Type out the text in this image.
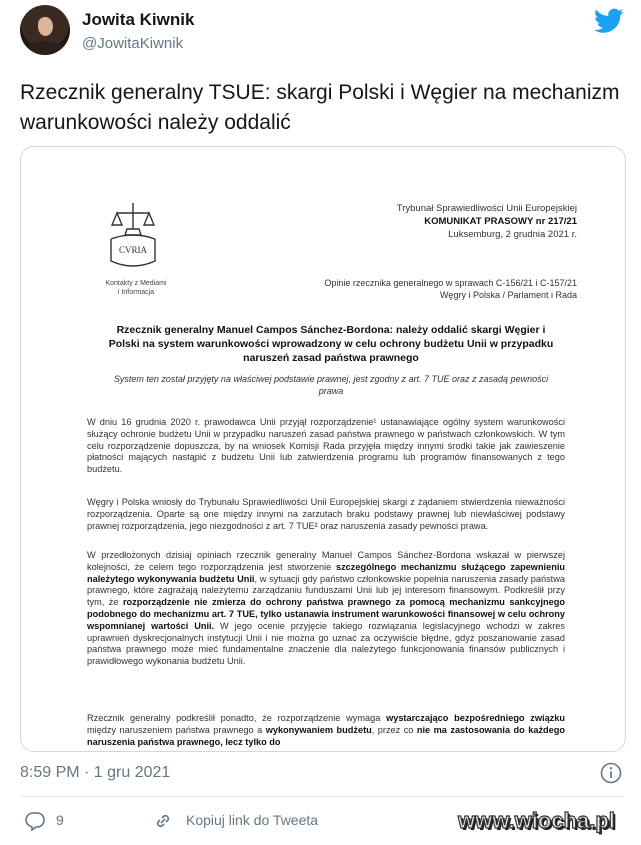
Jowita Kiwnik
@JowitaKiwnik
Rzecznik generalny TSUE: skargi Polski i Węgier na mechanizm warunkowości należy oddalić
CVRIA
Kontakty z Mediami
i Informacja
Trybunał Sprawiedliwości Unii Europejskiej
KOMUNIKAT PRASOWY nr 217/21
Luksemburg, 2 grudnia 2021 r.
Opinie rzecznika generalnego w sprawach C-156/21 i C-157/21
Węgry i Polska / Parlament i Rada
Rzecznik generalny Manuel Campos Sánchez-Bordona: należy oddalić skargi Węgier i Polski na system warunkowości wprowadzony w celu ochrony budżetu Unii w przypadku naruszeń zasad państwa prawnego
System ten został przyjęty na właściwej podstawie prawnej, jest zgodny z art. 7 TUE oraz z zasadą pewności prawa
W dniu 16 grudnia 2020 r. prawodawca Unii przyjął rozporządzenie¹ ustanawiające ogólny system warunkowości służący ochronie budżetu Unii w przypadku naruszeń zasad państwa prawnego w państwach członkowskich. W tym celu rozporządzenie dopuszcza, by na wniosek Komisji Rada przyjęła między innymi środki takie jak zawieszenie płatności mających nastąpić z budżetu Unii lub zatwierdzenia programu lub programów finansowanych z tego budżetu.
Węgry i Polska wniosły do Trybunału Sprawiedliwości Unii Europejskiej skargi z żądaniem stwierdzenia nieważności rozporządzenia. Oparte są one między innymi na zarzutach braku podstawy prawnej lub niewłaściwej podstawy prawnej rozporządzenia, jego niezgodności z art. 7 TUE² oraz naruszenia zasady pewności prawa.
W przedłożonych dzisiaj opiniach rzecznik generalny Manuel Campos Sánchez-Bordona wskazał w pierwszej kolejności, że celem tego rozporządzenia jest stworzenie szczególnego mechanizmu służącego zapewnieniu należytego wykonywania budżetu Unii, w sytuacji gdy państwo członkowskie popełnia naruszenia zasady państwa prawnego, które zagrażają należytemu zarządzaniu funduszami Unii lub jej interesom finansowym. Podkreślił przy tym, że rozporządzenie nie zmierza do ochrony państwa prawnego za pomocą mechanizmu sankcyjnego podobnego do mechanizmu art. 7 TUE, tylko ustanawia instrument warunkowości finansowej w celu ochrony wspomnianej wartości Unii. W jego ocenie przyjęcie takiego rozwiązania legislacyjnego wchodzi w zakres uprawnień dyskrecjonalnych instytucji Unii i nie można go uznać za oczywiście błędne, gdyż poszanowanie zasad państwa prawnego może mieć fundamentalne znaczenie dla należytego funkcjonowania finansów publicznych i prawidłowego wykonania budżetu Unii.
Rzecznik generalny podkreślił ponadto, że rozporządzenie wymaga wystarczająco bezpośredniego związku między naruszeniem państwa prawnego a wykonywaniem budżetu, przez co nie ma zastosowania do każdego naruszenia państwa prawnego, lecz tylko do
8:59 PM · 1 gru 2021
9	Kopiuj link do Tweeta	www.wiocha.pl
